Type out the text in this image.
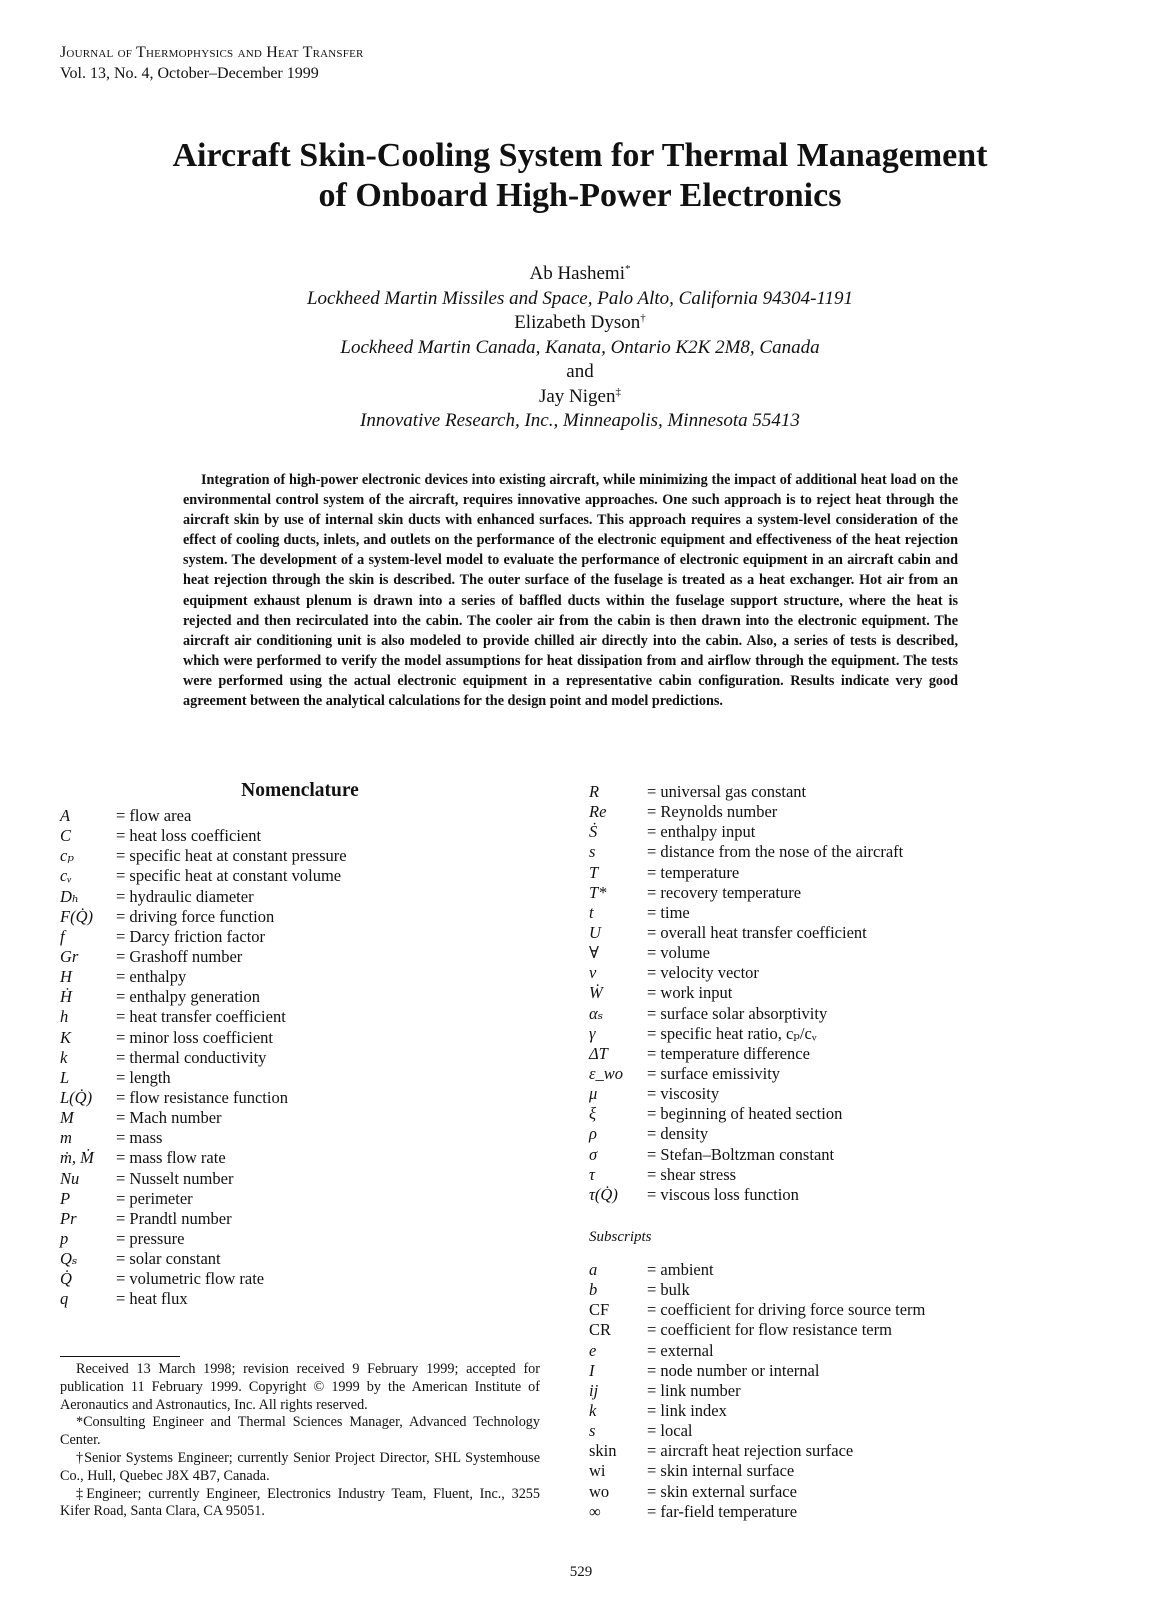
Journal of Thermophysics and Heat Transfer
Vol. 13, No. 4, October–December 1999
Aircraft Skin-Cooling System for Thermal Management
of Onboard High-Power Electronics
Ab Hashemi*
Lockheed Martin Missiles and Space, Palo Alto, California 94304-1191
Elizabeth Dyson†
Lockheed Martin Canada, Kanata, Ontario K2K 2M8, Canada
and
Jay Nigen‡
Innovative Research, Inc., Minneapolis, Minnesota 55413
Integration of high-power electronic devices into existing aircraft, while minimizing the impact of additional heat load on the environmental control system of the aircraft, requires innovative approaches. One such approach is to reject heat through the aircraft skin by use of internal skin ducts with enhanced surfaces. This approach requires a system-level consideration of the effect of cooling ducts, inlets, and outlets on the performance of the electronic equipment and effectiveness of the heat rejection system. The development of a system-level model to evaluate the performance of electronic equipment in an aircraft cabin and heat rejection through the skin is described. The outer surface of the fuselage is treated as a heat exchanger. Hot air from an equipment exhaust plenum is drawn into a series of baffled ducts within the fuselage support structure, where the heat is rejected and then recirculated into the cabin. The cooler air from the cabin is then drawn into the electronic equipment. The aircraft air conditioning unit is also modeled to provide chilled air directly into the cabin. Also, a series of tests is described, which were performed to verify the model assumptions for heat dissipation from and airflow through the equipment. The tests were performed using the actual electronic equipment in a representative cabin configuration. Results indicate very good agreement between the analytical calculations for the design point and model predictions.
Nomenclature
A	= flow area
C	= heat loss coefficient
cₚ	= specific heat at constant pressure
cᵥ	= specific heat at constant volume
Dₕ	= hydraulic diameter
F(Q̇)	= driving force function
f	= Darcy friction factor
Gr	= Grashoff number
H	= enthalpy
Ḣ	= enthalpy generation
h	= heat transfer coefficient
K	= minor loss coefficient
k	= thermal conductivity
L	= length
L(Q̇)	= flow resistance function
M	= Mach number
m	= mass
ṁ, Ṁ	= mass flow rate
Nu	= Nusselt number
P	= perimeter
Pr	= Prandtl number
p	= pressure
Qₛ	= solar constant
Q̇	= volumetric flow rate
q	= heat flux
R	= universal gas constant
Re	= Reynolds number
Ṡ	= enthalpy input
s	= distance from the nose of the aircraft
T	= temperature
T*	= recovery temperature
t	= time
U	= overall heat transfer coefficient
∀	= volume
v	= velocity vector
Ẇ	= work input
αₛ	= surface solar absorptivity
γ	= specific heat ratio, cₚ/cᵥ
ΔT	= temperature difference
ε_wo	= surface emissivity
μ	= viscosity
ξ	= beginning of heated section
ρ	= density
σ	= Stefan–Boltzman constant
τ	= shear stress
τ(Q̇)	= viscous loss function
Subscripts
a	= ambient
b	= bulk
CF	= coefficient for driving force source term
CR	= coefficient for flow resistance term
e	= external
I	= node number or internal
ij	= link number
k	= link index
s	= local
skin	= aircraft heat rejection surface
wi	= skin internal surface
wo	= skin external surface
∞	= far-field temperature

Received 13 March 1998; revision received 9 February 1999; accepted for publication 11 February 1999. Copyright © 1999 by the American Institute of Aeronautics and Astronautics, Inc. All rights reserved.

*Consulting Engineer and Thermal Sciences Manager, Advanced Technology Center.

†Senior Systems Engineer; currently Senior Project Director, SHL Systemhouse Co., Hull, Quebec J8X 4B7, Canada.

‡Engineer; currently Engineer, Electronics Industry Team, Fluent, Inc., 3255 Kifer Road, Santa Clara, CA 95051.

529
